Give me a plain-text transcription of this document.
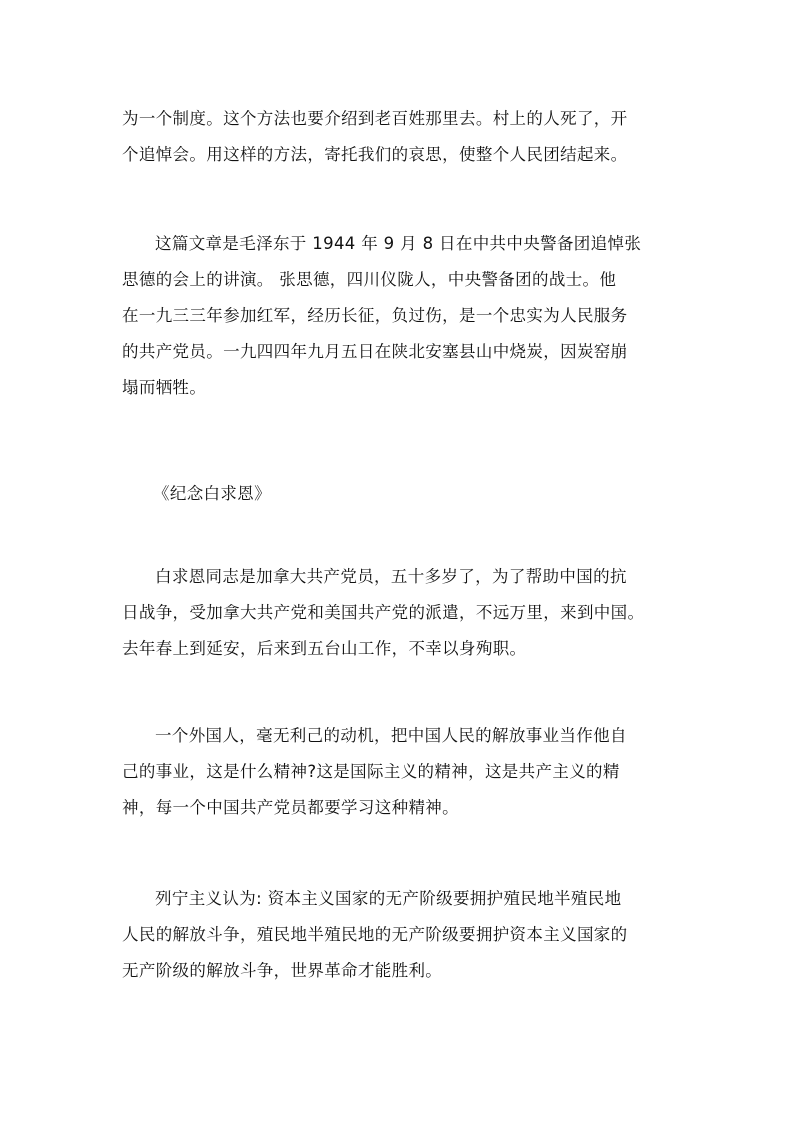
为一个制度。这个方法也要介绍到老百姓那里去。村上的人死了，开
个追悼会。用这样的方法，寄托我们的哀思，使整个人民团结起来。
这篇文章是毛泽东于 1944 年 9 月 8 日在中共中央警备团追悼张
思德的会上的讲演。 张思德，四川仪陇人，中央警备团的战士。他
在一九三三年参加红军，经历长征，负过伤，是一个忠实为人民服务
的共产党员。一九四四年九月五日在陕北安塞县山中烧炭，因炭窑崩
塌而牺牲。
《纪念白求恩》
白求恩同志是加拿大共产党员，五十多岁了，为了帮助中国的抗
日战争，受加拿大共产党和美国共产党的派遣，不远万里，来到中国。
去年春上到延安，后来到五台山工作，不幸以身殉职。
一个外国人，毫无利己的动机，把中国人民的解放事业当作他自
己的事业，这是什么精神?这是国际主义的精神，这是共产主义的精
神，每一个中国共产党员都要学习这种精神。
列宁主义认为: 资本主义国家的无产阶级要拥护殖民地半殖民地
人民的解放斗争，殖民地半殖民地的无产阶级要拥护资本主义国家的
无产阶级的解放斗争，世界革命才能胜利。
